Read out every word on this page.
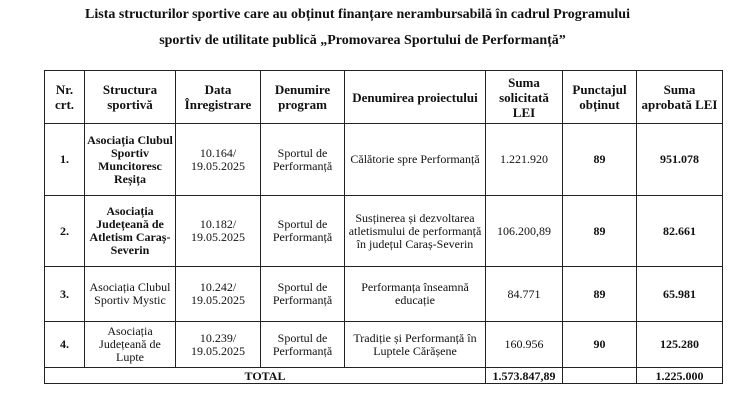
Lista structurilor sportive care au obținut finanțare nerambursabilă în cadrul Programului
sportiv de utilitate publică „Promovarea Sportului de Performanță”
Nr. crt.	Structura sportivă	Data Înregistrare	Denumire program	Denumirea proiectului	Suma solicitată LEI	Punctajul obținut	Suma aprobată LEI
1.	Asociația Clubul Sportiv Muncitoresc Reșița	10.164/ 19.05.2025	Sportul de Performanță	Călătorie spre Performanță	1.221.920	89	951.078
2.	Asociația Județeană de Atletism Caraș-Severin	10.182/ 19.05.2025	Sportul de Performanță	Susținerea și dezvoltarea atletismului de performanță în județul Caraș-Severin	106.200,89	89	82.661
3.	Asociația Clubul Sportiv Mystic	10.242/ 19.05.2025	Sportul de Performanță	Performanța înseamnă educație	84.771	89	65.981
4.	Asociația Județeană de Lupte	10.239/ 19.05.2025	Sportul de Performanță	Tradiție și Performanță în Luptele Cărășene	160.956	90	125.280
TOTAL					1.573.847,89		1.225.000
